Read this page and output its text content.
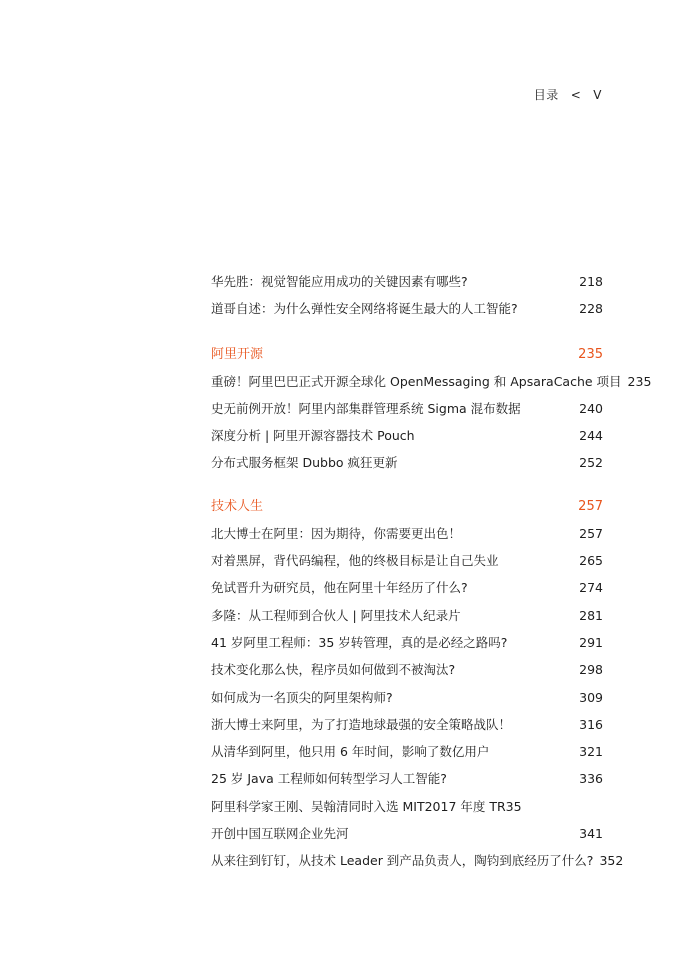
目录 < V
华先胜：视觉智能应用成功的关键因素有哪些?	218
道哥自述：为什么弹性安全网络将诞生最大的人工智能?	228
阿里开源	235
重磅！阿里巴巴正式开源全球化 OpenMessaging 和 ApsaraCache 项目 235
史无前例开放！阿里内部集群管理系统 Sigma 混布数据	240
深度分析 | 阿里开源容器技术 Pouch	244
分布式服务框架 Dubbo 疯狂更新	252
技术人生	257
北大博士在阿里：因为期待，你需要更出色！	257
对着黑屏，背代码编程，他的终极目标是让自己失业	265
免试晋升为研究员，他在阿里十年经历了什么?	274
多隆：从工程师到合伙人 | 阿里技术人纪录片	281
41 岁阿里工程师：35 岁转管理，真的是必经之路吗?	291
技术变化那么快，程序员如何做到不被淘汰?	298
如何成为一名顶尖的阿里架构师?	309
浙大博士来阿里，为了打造地球最强的安全策略战队！	316
从清华到阿里，他只用 6 年时间，影响了数亿用户	321
25 岁 Java 工程师如何转型学习人工智能?	336
阿里科学家王刚、吴翰清同时入选 MIT2017 年度 TR35
开创中国互联网企业先河	341
从来往到钉钉，从技术 Leader 到产品负责人，陶钧到底经历了什么? 352
